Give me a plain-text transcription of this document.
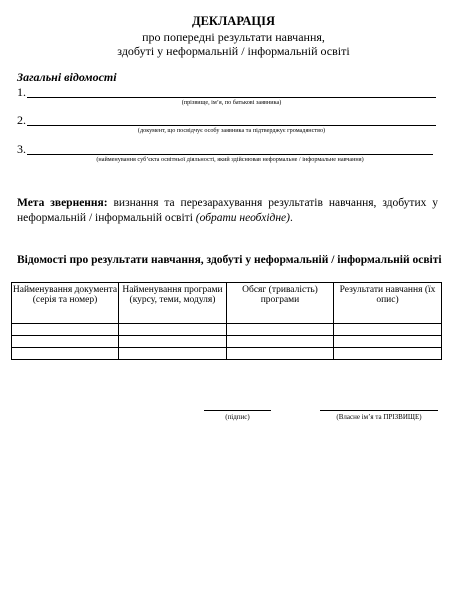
ДЕКЛАРАЦІЯ
про попередні результати навчання,
здобуті у неформальній / інформальній освіті
Загальні відомості
1.
(прізвище, ім’я, по батькові заявника)
2.
(документ, що посвідчує особу заявника та підтверджує громадянство)
3.
(найменування суб’єкта освітньої діяльності, який здійснював неформальне / інформальне навчання)
Мета звернення: визнання та перезарахування результатів навчання, здобутих у неформальній / інформальній освіті (обрати необхідне).
Відомості про результати навчання, здобуті у неформальній / інформальній освіті
Найменування документа (серія та номер)	Найменування програми (курсу, теми, модуля)	Обсяг (тривалість) програми	Результати навчання (їх опис)

(підпис)	(Власне ім’я та ПРІЗВИЩЕ)
